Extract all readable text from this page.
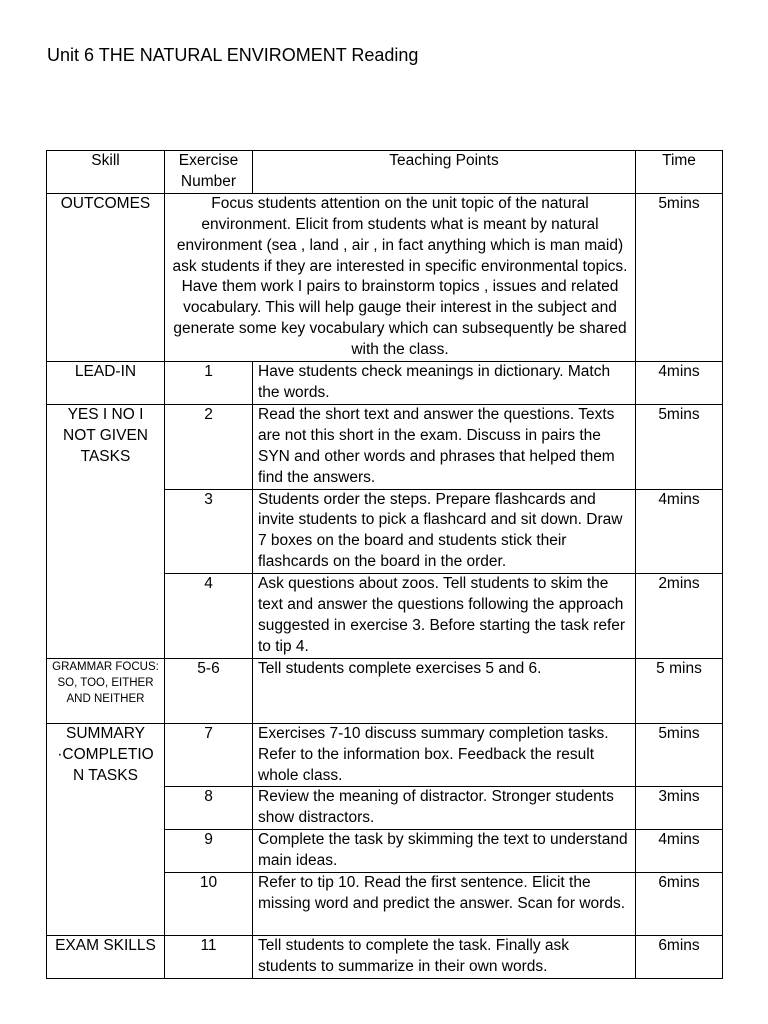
Unit 6 THE NATURAL ENVIROMENT Reading
Skill	Exercise Number	Teaching Points	Time
OUTCOMES	Focus students attention on the unit topic of the natural environment. Elicit from students what is meant by natural environment (sea , land , air , in fact anything which is man maid) ask students if they are interested in specific environmental topics. Have them work I pairs to brainstorm topics , issues and related vocabulary. This will help gauge their interest in the subject and generate some key vocabulary which can subsequently be shared with the class.		5mins
LEAD-IN	1	Have students check meanings in dictionary. Match the words.	4mins
YES I NO I NOT GIVEN TASKS	2	Read the short text and answer the questions. Texts are not this short in the exam. Discuss in pairs the SYN and other words and phrases that helped them find the answers.	5mins
	3	Students order the steps. Prepare flashcards and invite students to pick a flashcard and sit down. Draw 7 boxes on the board and students stick their flashcards on the board in the order.	4mins
	4	Ask questions about zoos. Tell students to skim the text and answer the questions following the approach suggested in exercise 3. Before starting the task refer to tip 4.	2mins
GRAMMAR FOCUS: SO, TOO, EITHER AND NEITHER	5-6	Tell students complete exercises 5 and 6.	5 mins
SUMMARY ·COMPLETIO N TASKS	7	Exercises 7-10 discuss summary completion tasks. Refer to the information box. Feedback the result whole class.	5mins
	8	Review the meaning of distractor. Stronger students show distractors.	3mins
	9	Complete the task by skimming the text to understand main ideas.	4mins
	10	Refer to tip 10. Read the first sentence. Elicit the missing word and predict the answer. Scan for words.	6mins
EXAM SKILLS	11	Tell students to complete the task. Finally ask students to summarize in their own words.	6mins
